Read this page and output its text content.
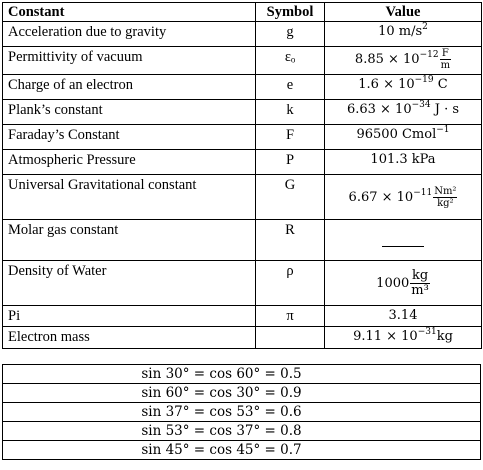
Constant	Symbol	Value
Acceleration due to gravity	g	10 $m/s^2$
Permittivity of vacuum	εₒ	$8.85 \times 10^{-12} \frac{F}{m}$

Charge of an electron	e	$1.6 \times 10^{-19}$ C
Plank’s constant	k	$6.63 \times 10^{-34}$ J · s
Faraday’s Constant	F	96500 Cmol$^{-1}$
Atmospheric Pressure	P	101.3 kPa
Universal Gravitational constant	G	$6.67 \times 10^{-11} \frac{\text{Nm²}}{\text{kg²}}$

Molar gas constant	R	
Density of Water	ρ	$1000 \frac{kg}{\text{m³}}$

Pi	π	3.14
Electron mass		$9.11 \times 10^{-31}kg$
sin 30° = cos 60° = 0.5
sin 60° = cos 30° = 0.9
sin 37° = cos 53° = 0.6
sin 53° = cos 37° = 0.8
sin 45° = cos 45° = 0.7
